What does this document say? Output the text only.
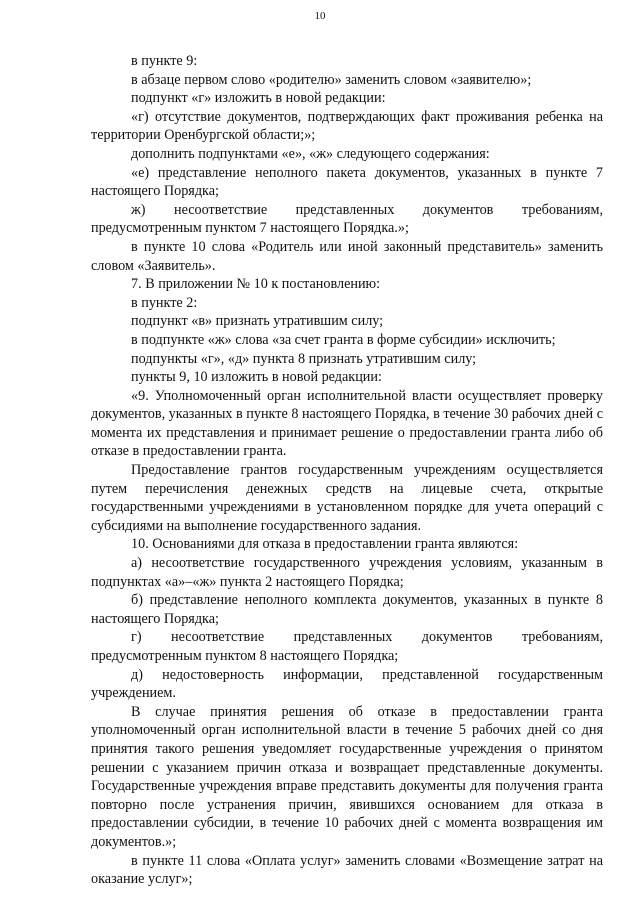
10

в пункте 9:

в абзаце первом слово «родителю» заменить словом «заявителю»;

подпункт «г» изложить в новой редакции:

«г) отсутствие документов, подтверждающих факт проживания ребенка на территории Оренбургской области;»;

дополнить подпунктами «е», «ж» следующего содержания:

«е) представление неполного пакета документов, указанных в пункте 7 настоящего Порядка;

ж) несоответствие представленных документов требованиям, предусмотренным пунктом 7 настоящего Порядка.»;

в пункте 10 слова «Родитель или иной законный представитель» заменить словом «Заявитель».

7. В приложении № 10 к постановлению:

в пункте 2:

подпункт «в» признать утратившим силу;

в подпункте «ж» слова «за счет гранта в форме субсидии» исключить;

подпункты «г», «д» пункта 8 признать утратившим силу;

пункты 9, 10 изложить в новой редакции:

«9. Уполномоченный орган исполнительной власти осуществляет проверку документов, указанных в пункте 8 настоящего Порядка, в течение 30 рабочих дней с момента их представления и принимает решение о предоставлении гранта либо об отказе в предоставлении гранта.

Предоставление грантов государственным учреждениям осуществляется путем перечисления денежных средств на лицевые счета, открытые государственными учреждениями в установленном порядке для учета операций с субсидиями на выполнение государственного задания.

10. Основаниями для отказа в предоставлении гранта являются:

а) несоответствие государственного учреждения условиям, указанным в подпунктах «а»–«ж» пункта 2 настоящего Порядка;

б) представление неполного комплекта документов, указанных в пункте 8 настоящего Порядка;

г) несоответствие представленных документов требованиям, предусмотренным пунктом 8 настоящего Порядка;

д) недостоверность информации, представленной государственным учреждением.

В случае принятия решения об отказе в предоставлении гранта уполномоченный орган исполнительной власти в течение 5 рабочих дней со дня принятия такого решения уведомляет государственные учреждения о принятом решении с указанием причин отказа и возвращает представленные документы. Государственные учреждения вправе представить документы для получения гранта повторно после устранения причин, явившихся основанием для отказа в предоставлении субсидии, в течение 10 рабочих дней с момента возвращения им документов.»;

в пункте 11 слова «Оплата услуг» заменить словами «Возмещение затрат на оказание услуг»;
